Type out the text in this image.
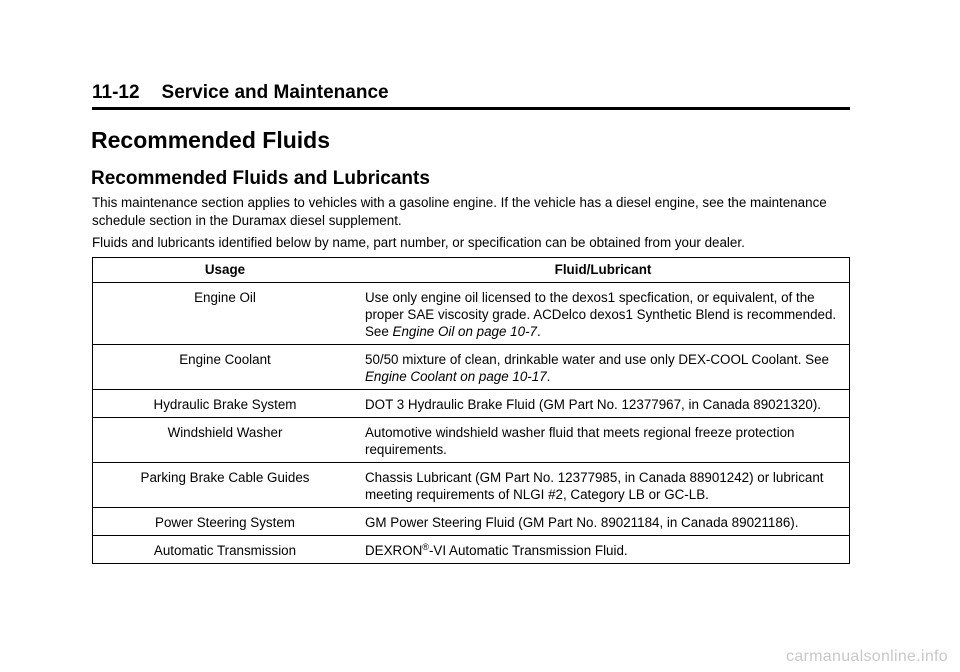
11-12 Service and Maintenance
Recommended Fluids
Recommended Fluids and Lubricants
This maintenance section applies to vehicles with a gasoline engine. If the vehicle has a diesel engine, see the maintenance schedule section in the Duramax diesel supplement.
Fluids and lubricants identified below by name, part number, or specification can be obtained from your dealer.
Usage	Fluid/Lubricant
Engine Oil	Use only engine oil licensed to the dexos1 specfication, or equivalent, of the proper SAE viscosity grade. ACDelco dexos1 Synthetic Blend is recommended. See Engine Oil on page 10-7.
Engine Coolant	50/50 mixture of clean, drinkable water and use only DEX-COOL Coolant. See Engine Coolant on page 10-17.
Hydraulic Brake System	DOT 3 Hydraulic Brake Fluid (GM Part No. 12377967, in Canada 89021320).
Windshield Washer	Automotive windshield washer fluid that meets regional freeze protection requirements.
Parking Brake Cable Guides	Chassis Lubricant (GM Part No. 12377985, in Canada 88901242) or lubricant meeting requirements of NLGI #2, Category LB or GC-LB.
Power Steering System	GM Power Steering Fluid (GM Part No. 89021184, in Canada 89021186).
Automatic Transmission	DEXRON®-VI Automatic Transmission Fluid.
carmanualsonline.info
